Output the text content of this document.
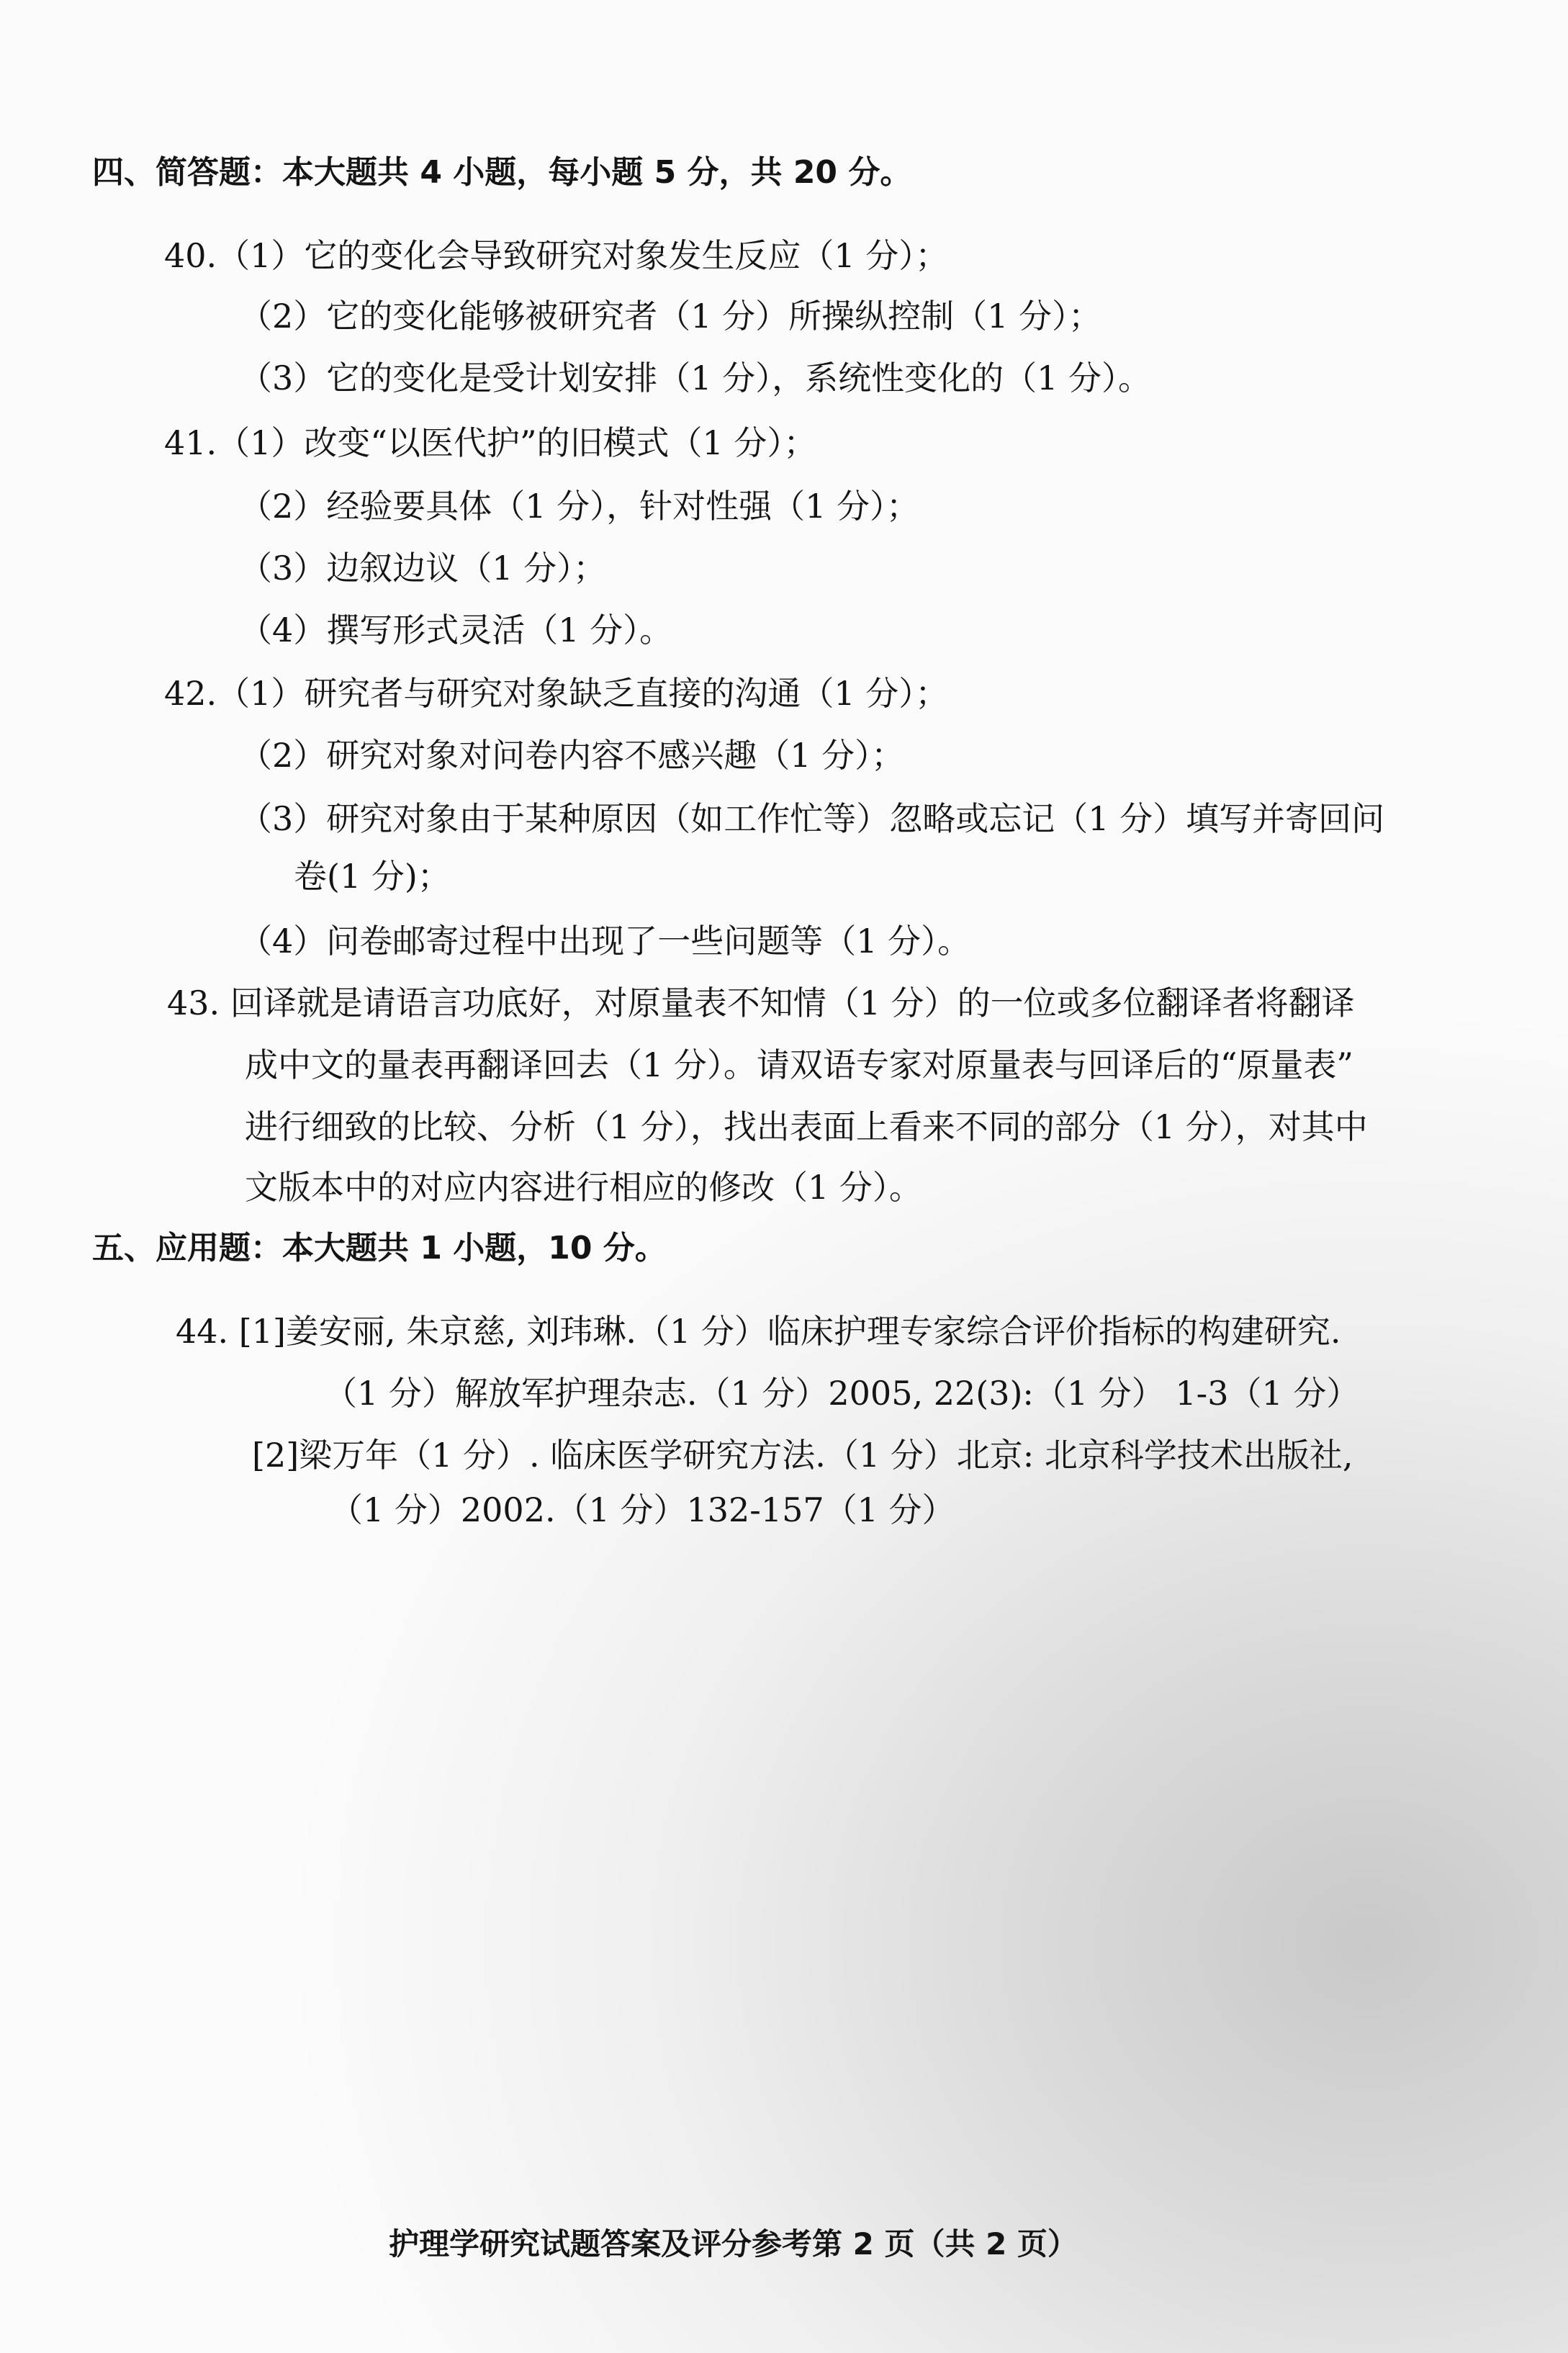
四、简答题：本大题共 4 小题，每小题 5 分，共 20 分。
40.（1）它的变化会导致研究对象发生反应（1 分）；
（2）它的变化能够被研究者（1 分）所操纵控制（1 分）；
（3）它的变化是受计划安排（1 分），系统性变化的（1 分）。
41.（1）改变“以医代护”的旧模式（1 分）；
（2）经验要具体（1 分），针对性强（1 分）；
（3）边叙边议（1 分）；
（4）撰写形式灵活（1 分）。
42.（1）研究者与研究对象缺乏直接的沟通（1 分）；
（2）研究对象对问卷内容不感兴趣（1 分）；
（3）研究对象由于某种原因（如工作忙等）忽略或忘记（1 分）填写并寄回问
卷(1 分)；
（4）问卷邮寄过程中出现了一些问题等（1 分）。
43. 回译就是请语言功底好，对原量表不知情（1 分）的一位或多位翻译者将翻译
成中文的量表再翻译回去（1 分）。请双语专家对原量表与回译后的“原量表”
进行细致的比较、分析（1 分），找出表面上看来不同的部分（1 分），对其中
文版本中的对应内容进行相应的修改（1 分）。
五、应用题：本大题共 1 小题，10 分。
44. [1]姜安丽, 朱京慈, 刘玮琳.（1 分）临床护理专家综合评价指标的构建研究.
（1 分）解放军护理杂志.（1 分）2005, 22(3):（1 分） 1-3（1 分）
[2]梁万年（1 分）. 临床医学研究方法.（1 分）北京: 北京科学技术出版社,
（1 分）2002.（1 分）132-157（1 分）
护理学研究试题答案及评分参考第 2 页（共 2 页）
